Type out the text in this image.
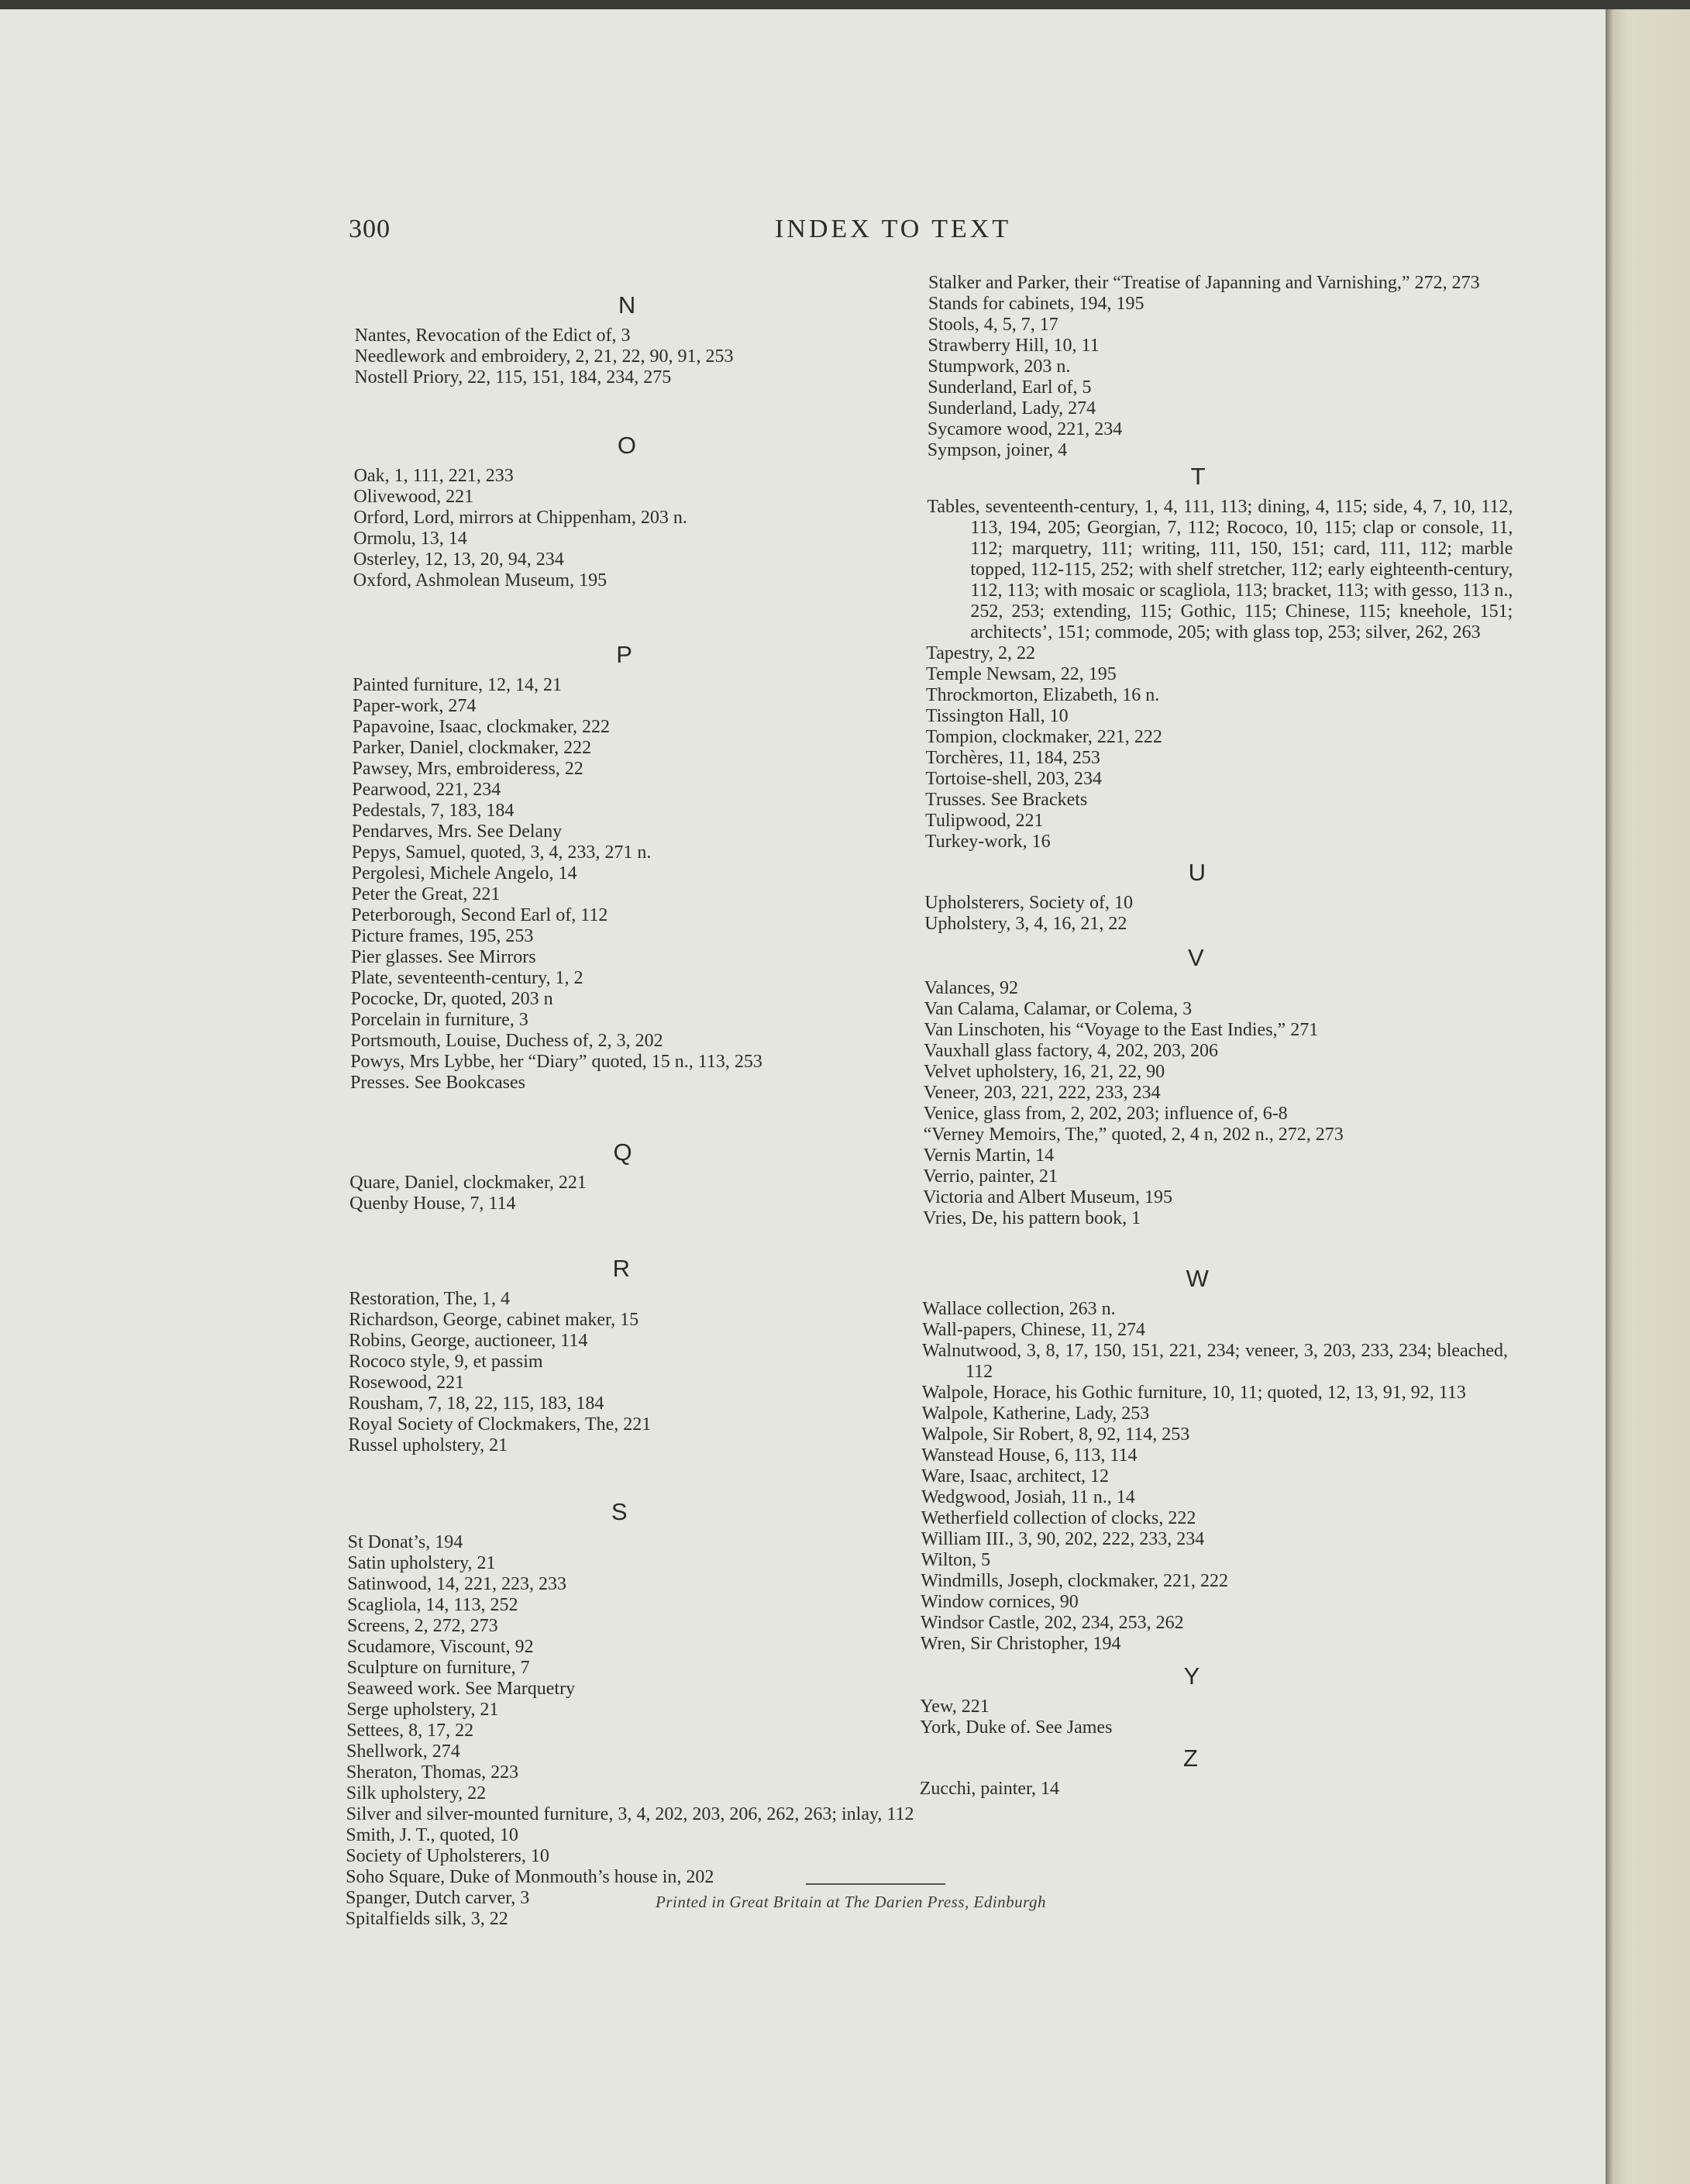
300	INDEX TO TEXT
N
Nantes, Revocation of the Edict of, 3
Needlework and embroidery, 2, 21, 22, 90, 91, 253
Nostell Priory, 22, 115, 151, 184, 234, 275
O
Oak, 1, 111, 221, 233
Olivewood, 221
Orford, Lord, mirrors at Chippenham, 203 n.
Ormolu, 13, 14
Osterley, 12, 13, 20, 94, 234
Oxford, Ashmolean Museum, 195
P
Painted furniture, 12, 14, 21
Paper-work, 274
Papavoine, Isaac, clockmaker, 222
Parker, Daniel, clockmaker, 222
Pawsey, Mrs, embroideress, 22
Pearwood, 221, 234
Pedestals, 7, 183, 184
Pendarves, Mrs. See Delany
Pepys, Samuel, quoted, 3, 4, 233, 271 n.
Pergolesi, Michele Angelo, 14
Peter the Great, 221
Peterborough, Second Earl of, 112
Picture frames, 195, 253
Pier glasses. See Mirrors
Plate, seventeenth-century, 1, 2
Pococke, Dr, quoted, 203 n
Porcelain in furniture, 3
Portsmouth, Louise, Duchess of, 2, 3, 202
Powys, Mrs Lybbe, her “Diary” quoted, 15 n., 113, 253
Presses. See Bookcases
Q
Quare, Daniel, clockmaker, 221
Quenby House, 7, 114
R
Restoration, The, 1, 4
Richardson, George, cabinet maker, 15
Robins, George, auctioneer, 114
Rococo style, 9, et passim
Rosewood, 221
Rousham, 7, 18, 22, 115, 183, 184
Royal Society of Clockmakers, The, 221
Russel upholstery, 21
S
St Donat’s, 194
Satin upholstery, 21
Satinwood, 14, 221, 223, 233
Scagliola, 14, 113, 252
Screens, 2, 272, 273
Scudamore, Viscount, 92
Sculpture on furniture, 7
Seaweed work. See Marquetry
Serge upholstery, 21
Settees, 8, 17, 22
Shellwork, 274
Sheraton, Thomas, 223
Silk upholstery, 22
Silver and silver-mounted furniture, 3, 4, 202, 203, 206, 262, 263; inlay, 112
Smith, J. T., quoted, 10
Society of Upholsterers, 10
Soho Square, Duke of Monmouth’s house in, 202
Spanger, Dutch carver, 3
Spitalfields silk, 3, 22
Stalker and Parker, their “Treatise of Japanning and Varnishing,” 272, 273
Stands for cabinets, 194, 195
Stools, 4, 5, 7, 17
Strawberry Hill, 10, 11
Stumpwork, 203 n.
Sunderland, Earl of, 5
Sunderland, Lady, 274
Sycamore wood, 221, 234
Sympson, joiner, 4
T
Tables, seventeenth-century, 1, 4, 111, 113; dining, 4, 115; side, 4, 7, 10, 112, 113, 194, 205; Georgian, 7, 112; Rococo, 10, 115; clap or console, 11, 112; marquetry, 111; writing, 111, 150, 151; card, 111, 112; marble topped, 112-115, 252; with shelf stretcher, 112; early eighteenth-century, 112, 113; with mosaic or scagliola, 113; bracket, 113; with gesso, 113 n., 252, 253; extending, 115; Gothic, 115; Chinese, 115; kneehole, 151; architects’, 151; commode, 205; with glass top, 253; silver, 262, 263
Tapestry, 2, 22
Temple Newsam, 22, 195
Throckmorton, Elizabeth, 16 n.
Tissington Hall, 10
Tompion, clockmaker, 221, 222
Torchères, 11, 184, 253
Tortoise-shell, 203, 234
Trusses. See Brackets
Tulipwood, 221
Turkey-work, 16
U
Upholsterers, Society of, 10
Upholstery, 3, 4, 16, 21, 22
V
Valances, 92
Van Calama, Calamar, or Colema, 3
Van Linschoten, his “Voyage to the East Indies,” 271
Vauxhall glass factory, 4, 202, 203, 206
Velvet upholstery, 16, 21, 22, 90
Veneer, 203, 221, 222, 233, 234
Venice, glass from, 2, 202, 203; influence of, 6-8
“Verney Memoirs, The,” quoted, 2, 4 n, 202 n., 272, 273
Vernis Martin, 14
Verrio, painter, 21
Victoria and Albert Museum, 195
Vries, De, his pattern book, 1
W
Wallace collection, 263 n.
Wall-papers, Chinese, 11, 274
Walnutwood, 3, 8, 17, 150, 151, 221, 234; veneer, 3, 203, 233, 234; bleached, 112
Walpole, Horace, his Gothic furniture, 10, 11; quoted, 12, 13, 91, 92, 113
Walpole, Katherine, Lady, 253
Walpole, Sir Robert, 8, 92, 114, 253
Wanstead House, 6, 113, 114
Ware, Isaac, architect, 12
Wedgwood, Josiah, 11 n., 14
Wetherfield collection of clocks, 222
William III., 3, 90, 202, 222, 233, 234
Wilton, 5
Windmills, Joseph, clockmaker, 221, 222
Window cornices, 90
Windsor Castle, 202, 234, 253, 262
Wren, Sir Christopher, 194
Y
Yew, 221
York, Duke of. See James
Z
Zucchi, painter, 14
Printed in Great Britain at The Darien Press, Edinburgh
